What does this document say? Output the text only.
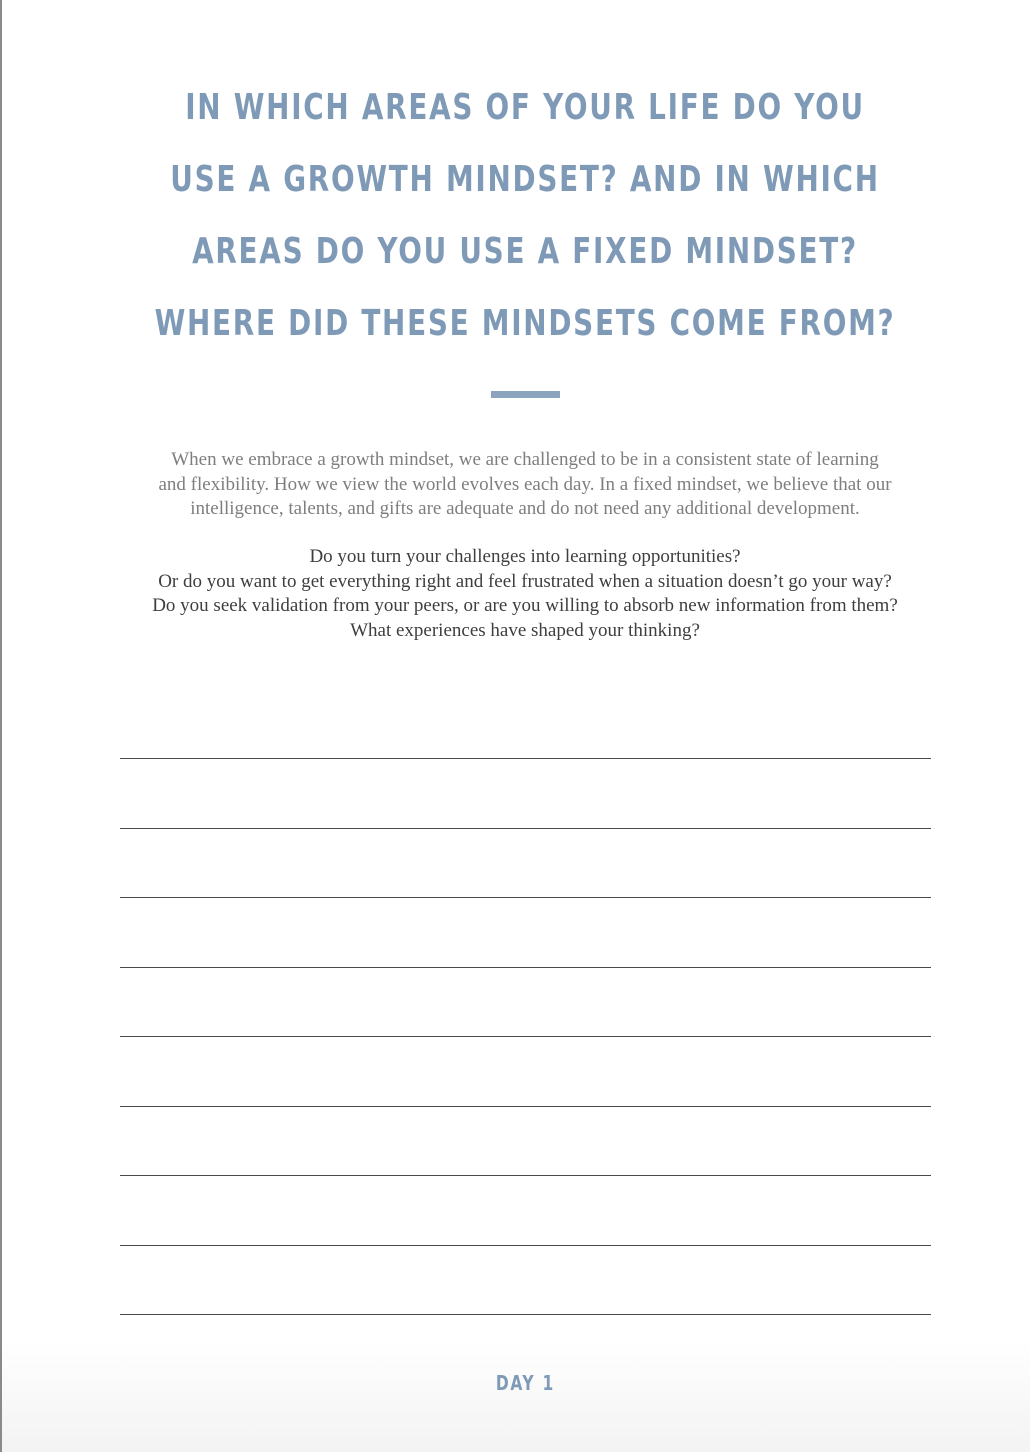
IN WHICH AREAS OF YOUR LIFE DO YOU
USE A GROWTH MINDSET? AND IN WHICH
AREAS DO YOU USE A FIXED MINDSET?
WHERE DID THESE MINDSETS COME FROM?

When we embrace a growth mindset, we are challenged to be in a consistent state of learning
and flexibility. How we view the world evolves each day. In a fixed mindset, we believe that our
intelligence, talents, and gifts are adequate and do not need any additional development.

Do you turn your challenges into learning opportunities?
Or do you want to get everything right and feel frustrated when a situation doesn’t go your way?
Do you seek validation from your peers, or are you willing to absorb new information from them?
What experiences have shaped your thinking?

DAY 1
